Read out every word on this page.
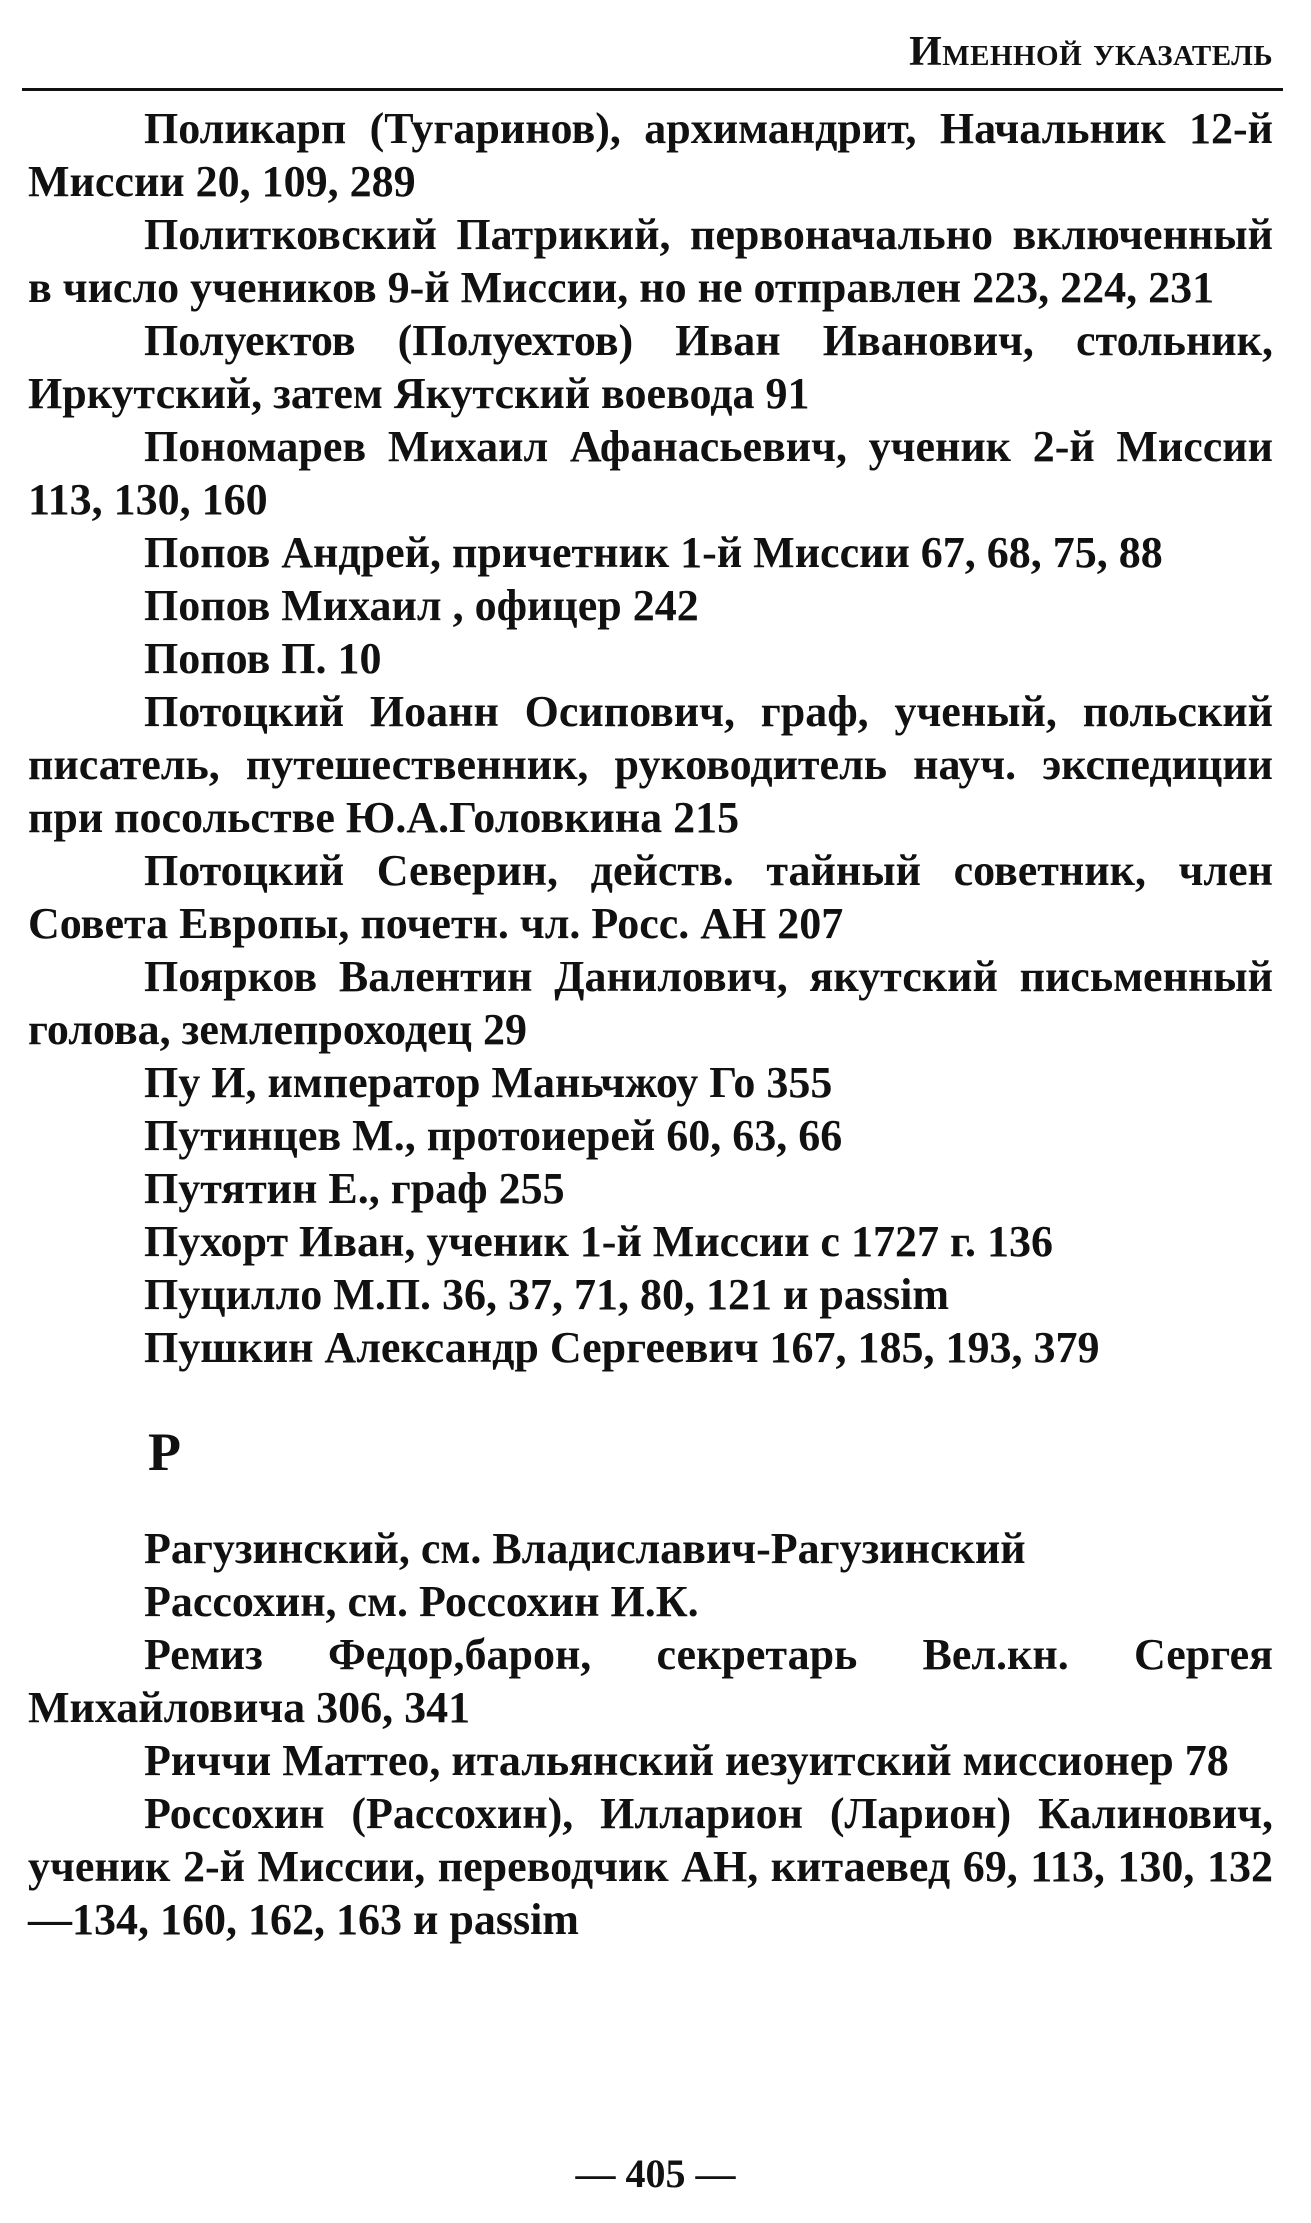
Именной указатель

Поликарп (Тугаринов), архимандрит, Начальник 12-й Миссии 20, 109, 289

Политковский Патрикий, первоначально включенный в число учеников 9-й Миссии, но не отправлен 223, 224, 231

Полуектов (Полуехтов) Иван Иванович, стольник, Иркутский, затем Якутский воевода 91

Пономарев Михаил Афанасьевич, ученик 2-й Миссии 113, 130, 160

Попов Андрей, причетник 1-й Миссии 67, 68, 75, 88

Попов Михаил , офицер 242

Попов П. 10

Потоцкий Иоанн Осипович, граф, ученый, польский писатель, путешественник, руководитель науч. экспедиции при посольстве Ю.А.Головкина 215

Потоцкий Северин, действ. тайный советник, член Совета Европы, почетн. чл. Росс. АН 207

Поярков Валентин Данилович, якутский письменный голова, землепроходец 29

Пу И, император Маньчжоу Го 355

Путинцев М., протоиерей 60, 63, 66

Путятин Е., граф 255

Пухорт Иван, ученик 1-й Миссии с 1727 г. 136

Пуцилло М.П. 36, 37, 71, 80, 121 и passim

Пушкин Александр Сергеевич 167, 185, 193, 379

Р

Рагузинский, см. Владиславич-Рагузинский

Рассохин, см. Россохин И.К.

Ремиз Федор,барон, секретарь Вел.кн. Сергея Михайловича 306, 341

Риччи Маттео, итальянский иезуитский миссионер 78

Россохин (Рассохин), Илларион (Ларион) Калинович, ученик 2-й Миссии, переводчик АН, китаевед 69, 113, 130, 132—134, 160, 162, 163 и passim

— 405 —
